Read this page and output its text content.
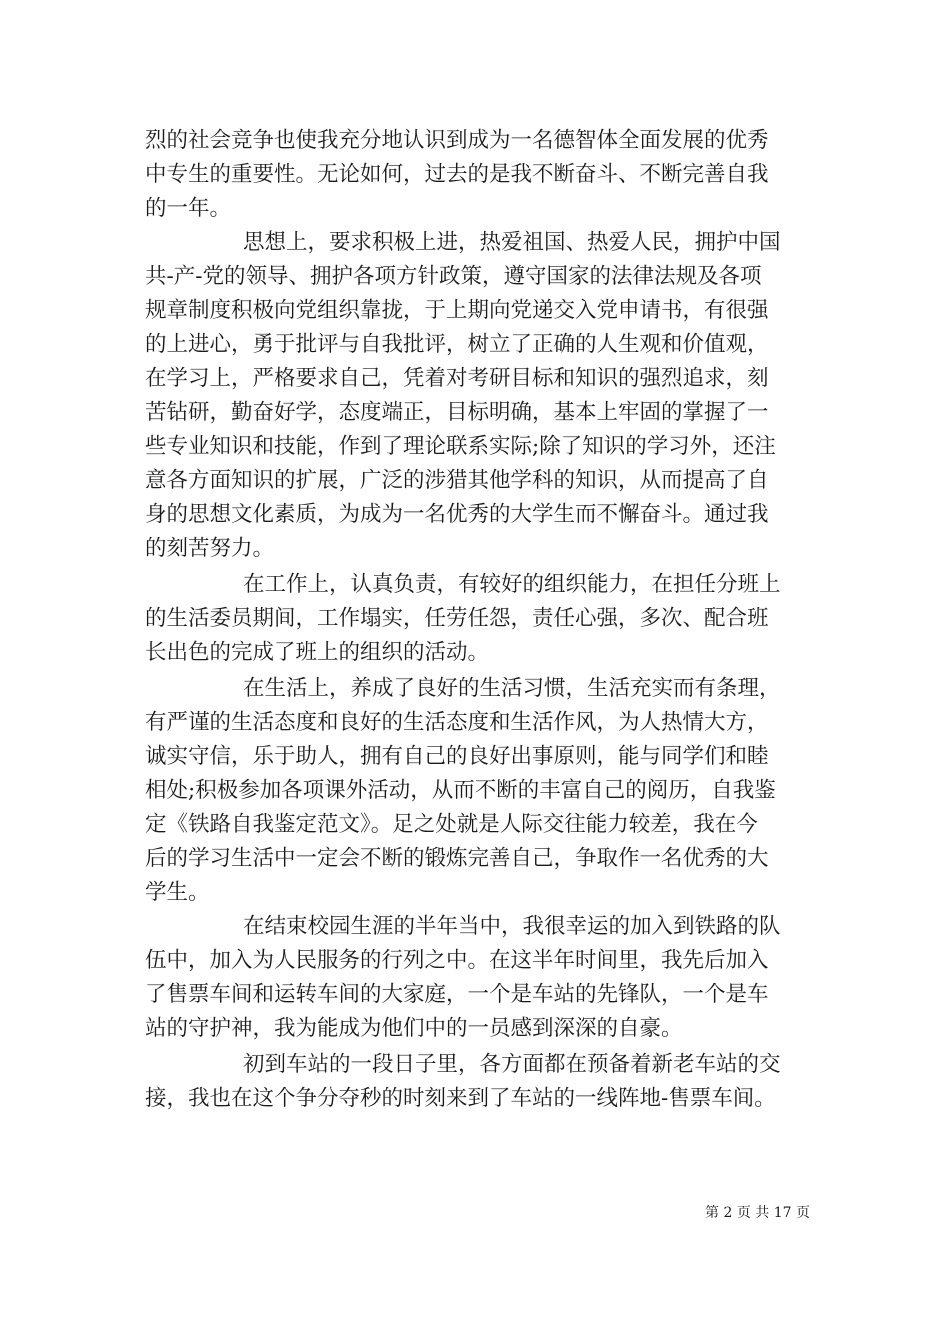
烈的社会竞争也使我充分地认识到成为一名德智体全面发展的优秀
中专生的重要性。无论如何，过去的是我不断奋斗、不断完善自我
的一年。
思想上，要求积极上进，热爱祖国、热爱人民，拥护中国
共-产-党的领导、拥护各项方针政策，遵守国家的法律法规及各项
规章制度积极向党组织靠拢，于上期向党递交入党申请书，有很强
的上进心，勇于批评与自我批评，树立了正确的人生观和价值观，
在学习上，严格要求自己，凭着对考研目标和知识的强烈追求，刻
苦钻研，勤奋好学，态度端正，目标明确，基本上牢固的掌握了一
些专业知识和技能，作到了理论联系实际;除了知识的学习外，还注
意各方面知识的扩展，广泛的涉猎其他学科的知识，从而提高了自
身的思想文化素质，为成为一名优秀的大学生而不懈奋斗。通过我
的刻苦努力。
在工作上，认真负责，有较好的组织能力，在担任分班上
的生活委员期间，工作塌实，任劳任怨，责任心强，多次、配合班
长出色的完成了班上的组织的活动。
在生活上，养成了良好的生活习惯，生活充实而有条理，
有严谨的生活态度和良好的生活态度和生活作风，为人热情大方，
诚实守信，乐于助人，拥有自己的良好出事原则，能与同学们和睦
相处;积极参加各项课外活动，从而不断的丰富自己的阅历，自我鉴
定《铁路自我鉴定范文》。足之处就是人际交往能力较差，我在今
后的学习生活中一定会不断的锻炼完善自己，争取作一名优秀的大
学生。
在结束校园生涯的半年当中，我很幸运的加入到铁路的队
伍中，加入为人民服务的行列之中。在这半年时间里，我先后加入
了售票车间和运转车间的大家庭，一个是车站的先锋队，一个是车
站的守护神，我为能成为他们中的一员感到深深的自豪。
初到车站的一段日子里，各方面都在预备着新老车站的交
接，我也在这个争分夺秒的时刻来到了车站的一线阵地-售票车间。
第 2 页 共 17 页
